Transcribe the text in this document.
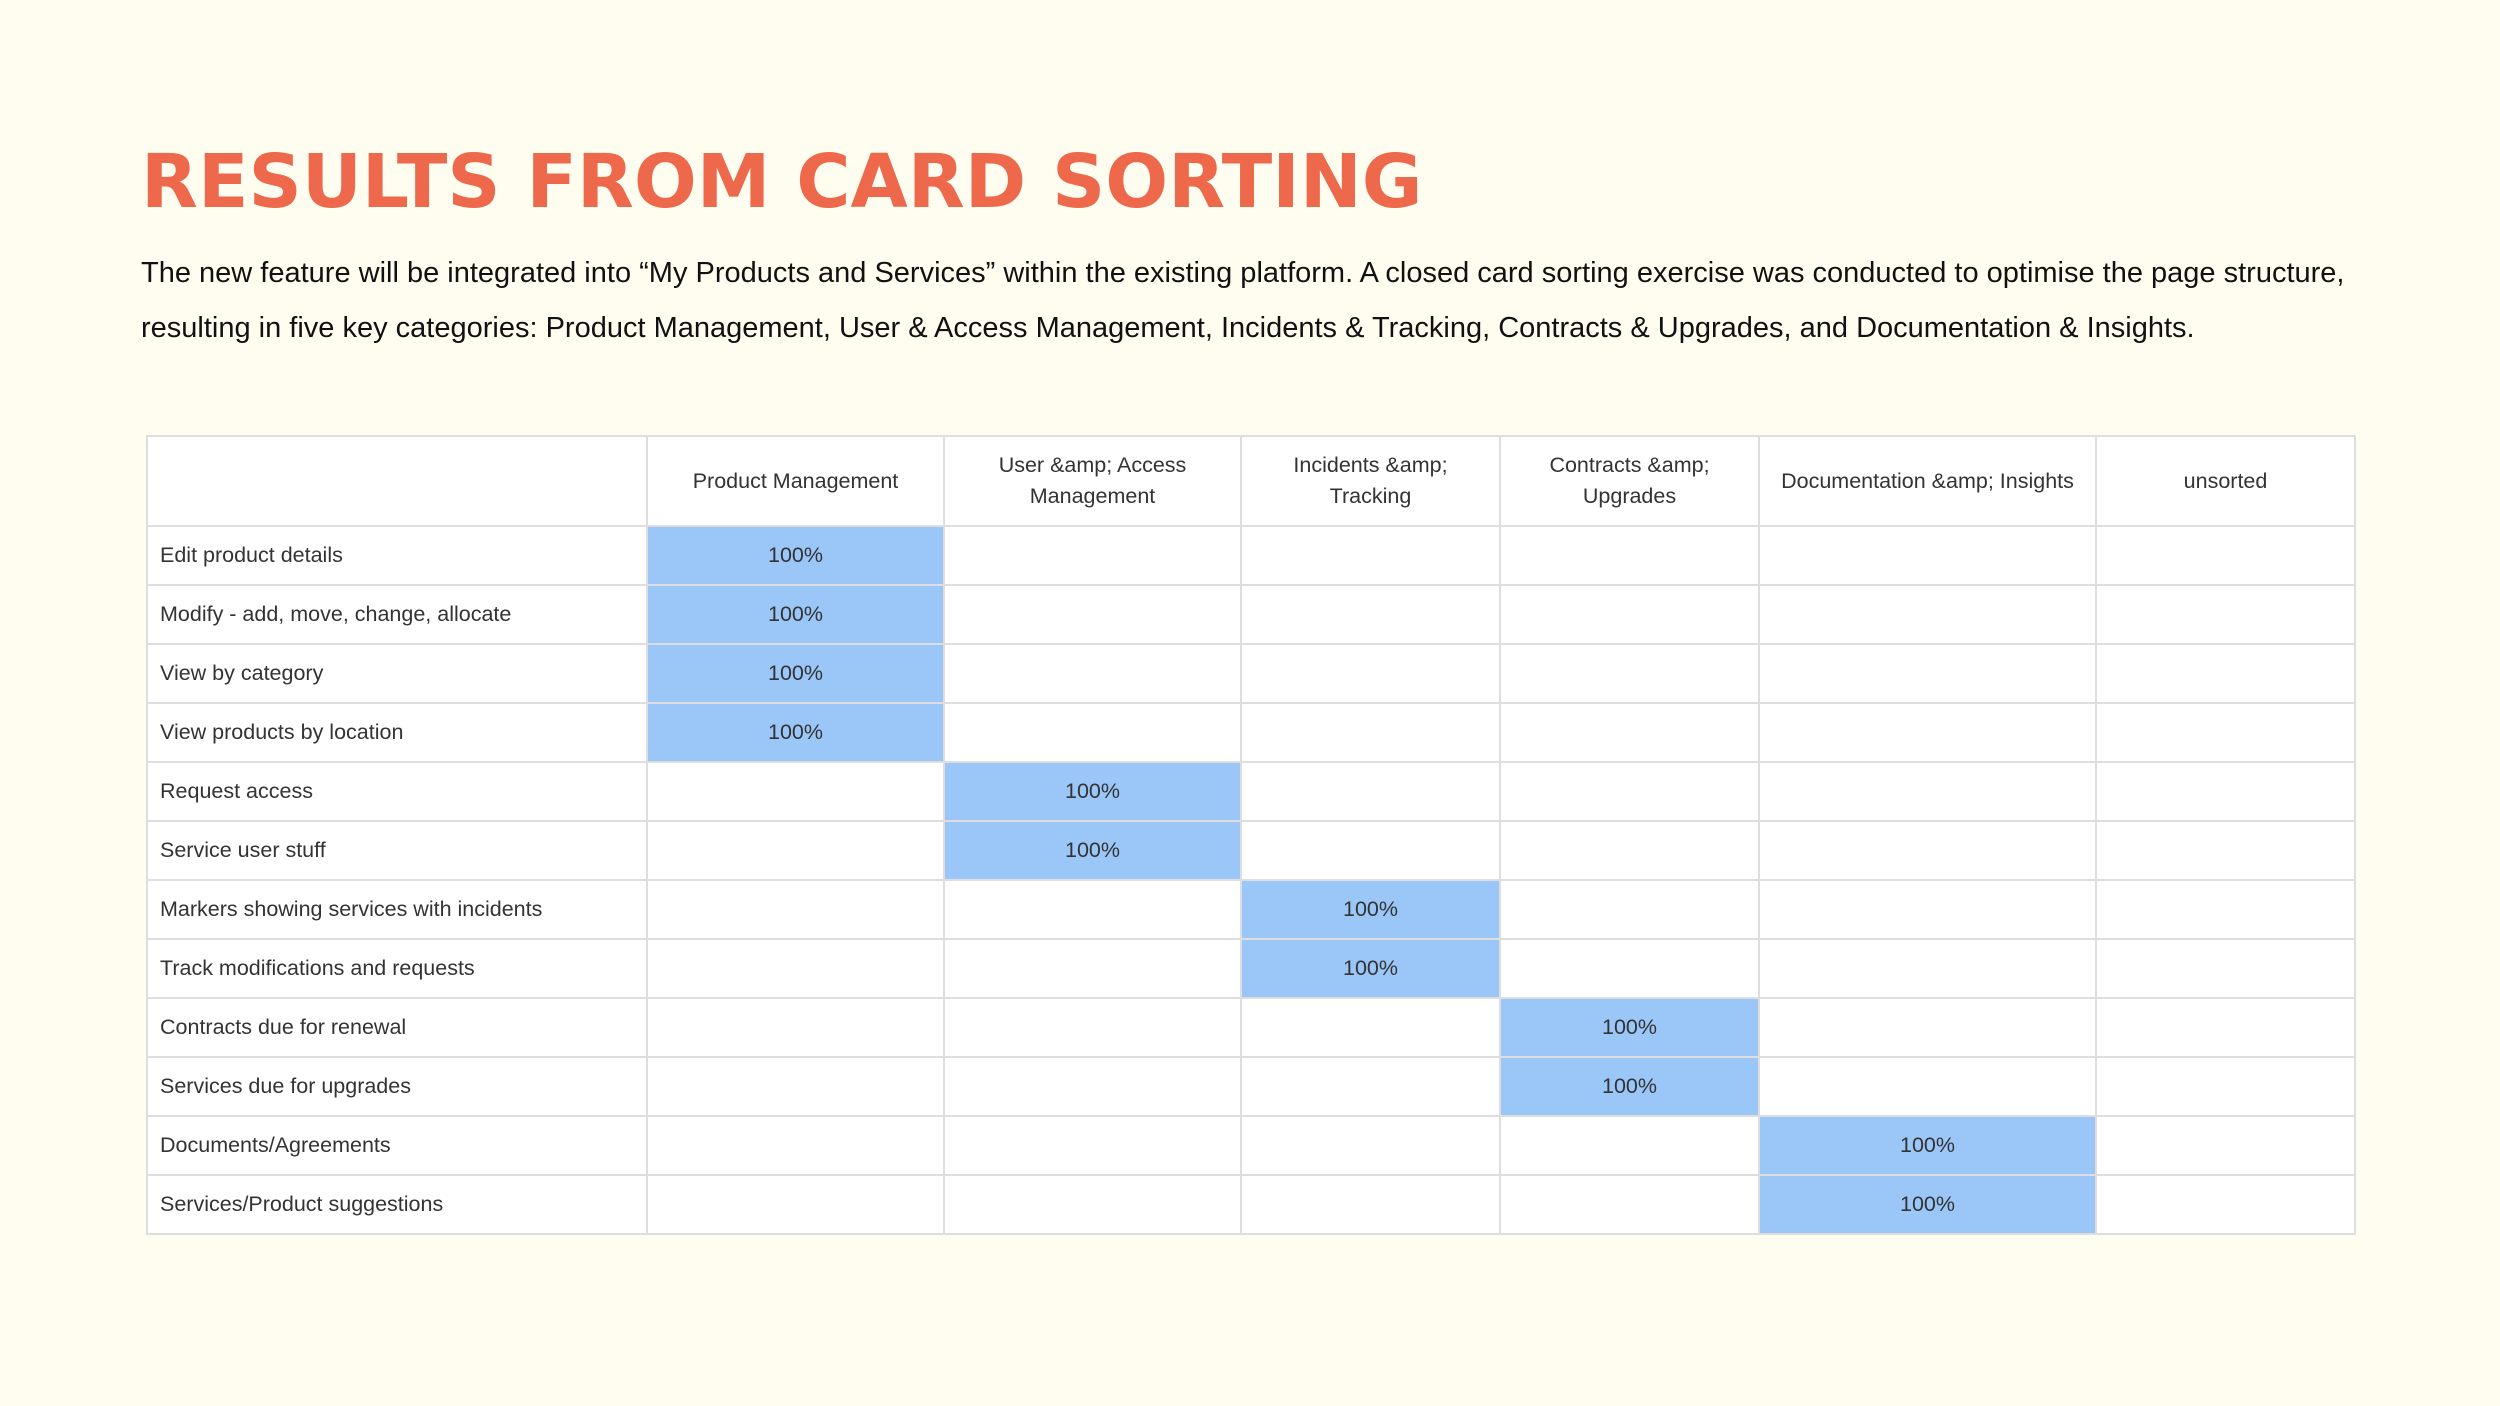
RESULTS FROM CARD SORTING

The new feature will be integrated into “My Products and Services” within the existing platform. A closed card sorting exercise was conducted to optimise the page structure, resulting in five key categories: Product Management, User & Access Management, Incidents & Tracking, Contracts & Upgrades, and Documentation & Insights.

	Product Management	User &amp; Access Management	Incidents &amp; Tracking	Contracts &amp; Upgrades	Documentation &amp; Insights	unsorted
Edit product details	100%					
Modify - add, move, change, allocate	100%					
View by category	100%					
View products by location	100%					
Request access		100%				
Service user stuff		100%				
Markers showing services with incidents			100%			
Track modifications and requests			100%			
Contracts due for renewal				100%		
Services due for upgrades				100%		
Documents/Agreements					100%	
Services/Product suggestions					100%	
